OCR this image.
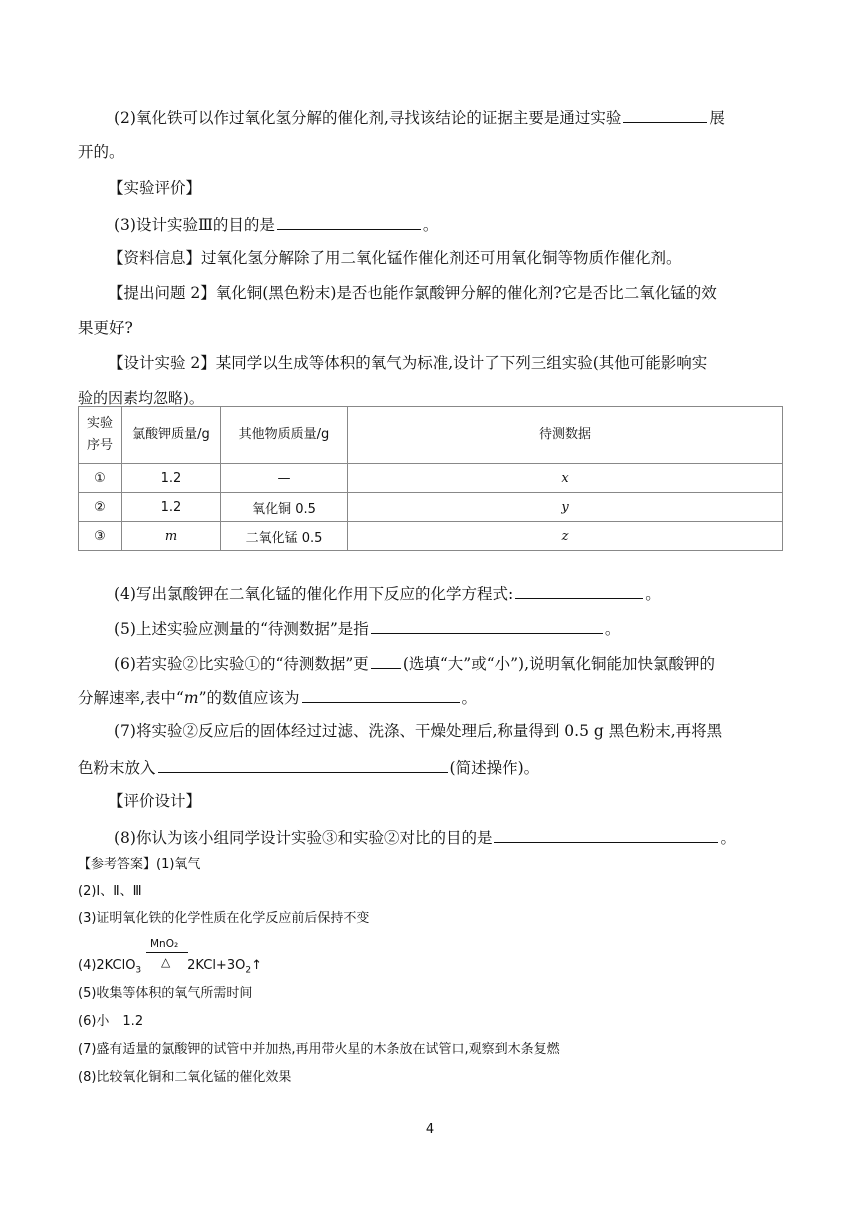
(2)氧化铁可以作过氧化氢分解的催化剂,寻找该结论的证据主要是通过实验	展
开的。
【实验评价】
(3)设计实验Ⅲ的目的是	。
【资料信息】过氧化氢分解除了用二氧化锰作催化剂还可用氧化铜等物质作催化剂。
【提出问题 2】氧化铜(黑色粉末)是否也能作氯酸钾分解的催化剂?它是否比二氧化锰的效
果更好?
【设计实验 2】某同学以生成等体积的氧气为标准,设计了下列三组实验(其他可能影响实
验的因素均忽略)。
实验
序号	氯酸钾质量/g	其他物质质量/g	待测数据
①	1.2	—	x
②	1.2	氧化铜 0.5	y
③	m	二氧化锰 0.5	z
(4)写出氯酸钾在二氧化锰的催化作用下反应的化学方程式:	。
(5)上述实验应测量的“待测数据”是指	。
(6)若实验②比实验①的“待测数据”更 (选填“大”或“小”),说明氧化铜能加快氯酸钾的
分解速率,表中“m”的数值应该为	。
(7)将实验②反应后的固体经过过滤、洗涤、干燥处理后,称量得到 0.5 g 黑色粉末,再将黑
色粉末放入	(简述操作)。
【评价设计】
(8)你认为该小组同学设计实验③和实验②对比的目的是	。
【参考答案】(1)氧气
(2)Ⅰ、Ⅱ、Ⅲ
(3)证明氧化铁的化学性质在化学反应前后保持不变
MnO₂
△
(4)2KClO$_3$	$2KCl+3O_2↑$
(5)收集等体积的氧气所需时间
(6)小　1.2
(7)盛有适量的氯酸钾的试管中并加热,再用带火星的木条放在试管口,观察到木条复燃
(8)比较氧化铜和二氧化锰的催化效果
4
